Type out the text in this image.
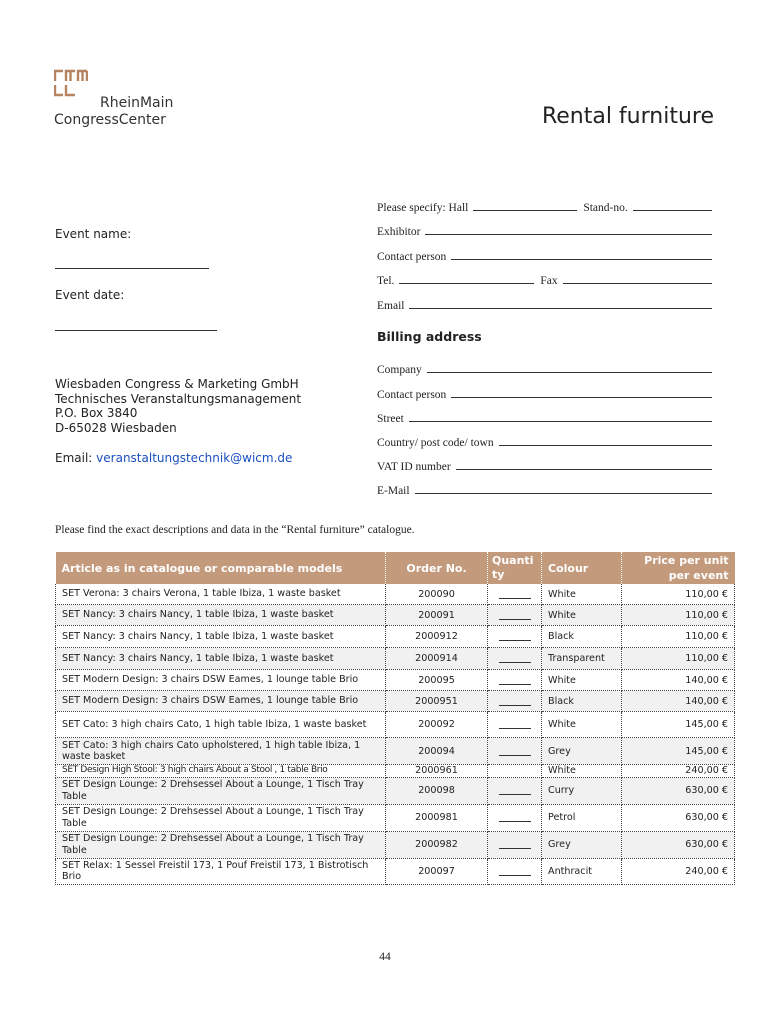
RheinMain
CongressCenter	Rental furniture
Event name:
Event date:
Wiesbaden Congress & Marketing GmbH
Technisches Veranstaltungsmanagement
P.O. Box 3840
D-65028 Wiesbaden
Email: veranstaltungstechnik@wicm.de
Please specify: Hall	Stand-no.
Exhibitor
Contact person
Tel.	Fax
Email
Company
Contact person
Street
Country/ post code/ town
VAT ID number
E-Mail
Billing address
Please find the exact descriptions and data in the “Rental furniture” catalogue.
Article as in catalogue or comparable models	Order No.	Quantity	Colour	Price per unit per event
SET Verona: 3 chairs Verona, 1 table Ibiza, 1 waste basket	200090		White	110,00 €
SET Nancy: 3 chairs Nancy, 1 table Ibiza, 1 waste basket	200091		White	110,00 €
SET Nancy: 3 chairs Nancy, 1 table Ibiza, 1 waste basket	2000912		Black	110,00 €
SET Nancy: 3 chairs Nancy, 1 table Ibiza, 1 waste basket	2000914		Transparent	110,00 €
SET Modern Design: 3 chairs DSW Eames, 1 lounge table Brio	200095		White	140,00 €
SET Modern Design: 3 chairs DSW Eames, 1 lounge table Brio	2000951		Black	140,00 €
SET Cato: 3 high chairs Cato, 1 high table Ibiza, 1 waste basket	200092		White	145,00 €
SET Cato: 3 high chairs Cato upholstered, 1 high table Ibiza, 1 waste basket	200094		Grey	145,00 €
SET Design High Stool: 3 high chairs About a Stool , 1 table Brio	2000961		White	240,00 €
SET Design Lounge: 2 Drehsessel About a Lounge, 1 Tisch Tray Table	200098		Curry	630,00 €
SET Design Lounge: 2 Drehsessel About a Lounge, 1 Tisch Tray Table	2000981		Petrol	630,00 €
SET Design Lounge: 2 Drehsessel About a Lounge, 1 Tisch Tray Table	2000982		Grey	630,00 €
SET Relax: 1 Sessel Freistil 173, 1 Pouf Freistil 173, 1 Bistrotisch Brio	200097		Anthracit	240,00 €
44
